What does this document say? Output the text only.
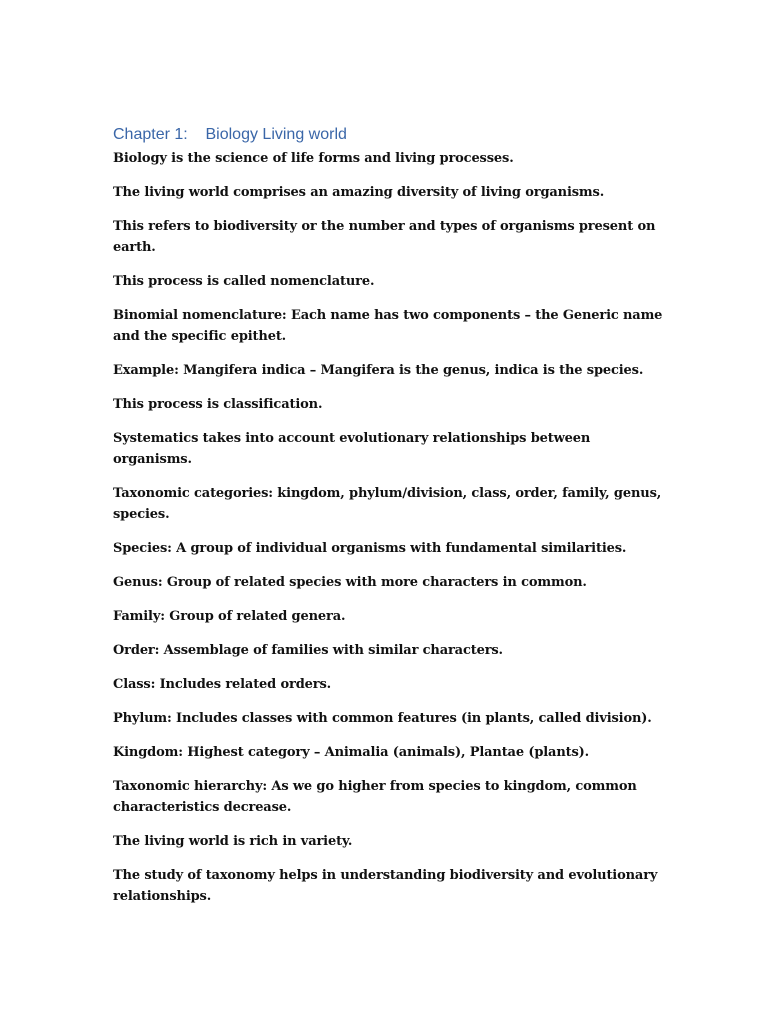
Chapter 1:    Biology Living world

Biology is the science of life forms and living processes.

The living world comprises an amazing diversity of living organisms.

This refers to biodiversity or the number and types of organisms present on earth.

This process is called nomenclature.

Binomial nomenclature: Each name has two components – the Generic name and the specific epithet.

Example: Mangifera indica – Mangifera is the genus, indica is the species.

This process is classification.

Systematics takes into account evolutionary relationships between organisms.

Taxonomic categories: kingdom, phylum/division, class, order, family, genus, species.

Species: A group of individual organisms with fundamental similarities.

Genus: Group of related species with more characters in common.

Family: Group of related genera.

Order: Assemblage of families with similar characters.

Class: Includes related orders.

Phylum: Includes classes with common features (in plants, called division).

Kingdom: Highest category – Animalia (animals), Plantae (plants).

Taxonomic hierarchy: As we go higher from species to kingdom, common characteristics decrease.

The living world is rich in variety.

The study of taxonomy helps in understanding biodiversity and evolutionary relationships.
